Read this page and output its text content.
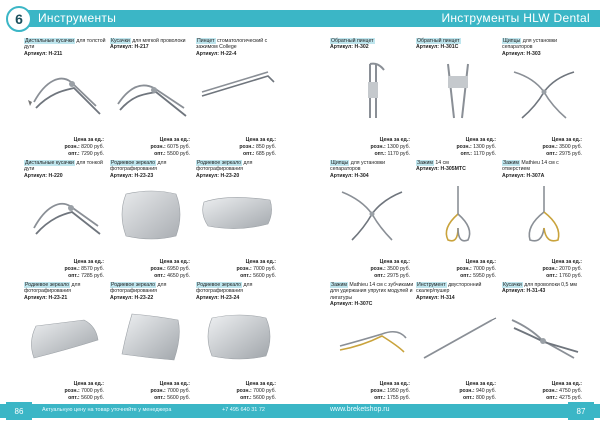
6	Инструменты	Инструменты HLW Dental
Дистальные кусачки для толстой дуги
Артикул: Н-211
Цена за ед.:
розн.: 8200 руб.
опт.: 7290 руб.
Кусачки для мягкой проволоки
Артикул: Н-217
Цена за ед.:
розн.: 6075 руб.
опт.: 5500 руб.
Пинцет стоматологический с зажимом College
Артикул: Н-22-4
Цена за ед.:
розн.: 850 руб.
опт.: 685 руб.
Дистальные кусачки для тонкой дуги
Артикул: Н-220
Цена за ед.:
розн.: 8570 руб.
опт.: 7285 руб.
Родиевое зеркало для фотографирования
Артикул: Н-23-23
Цена за ед.:
розн.: 6950 руб.
опт.: 4650 руб.
Родиевое зеркало для фотографирования
Артикул: Н-23-20
Цена за ед.:
розн.: 7000 руб.
опт.: 5600 руб.
Родиевое зеркало для фотографирования
Артикул: Н-23-21
Цена за ед.:
розн.: 7000 руб.
опт.: 5600 руб.
Родиевое зеркало для фотографирования
Артикул: Н-23-22
Цена за ед.:
розн.: 7000 руб.
опт.: 5600 руб.
Родиевое зеркало для фотографирования
Артикул: Н-23-24
Цена за ед.:
розн.: 7000 руб.
опт.: 5600 руб.
Обратный пинцет
Артикул: Н-302
Цена за ед.:
розн.: 1300 руб.
опт.: 1170 руб.
Обратный пинцет
Артикул: Н-301С
Цена за ед.:
розн.: 1300 руб.
опт.: 1170 руб.
Щипцы для установки сепараторов
Артикул: Н-303
Цена за ед.:
розн.: 3500 руб.
опт.: 2975 руб.
Щипцы для установки сепараторов
Артикул: Н-304
Цена за ед.:
розн.: 3500 руб.
опт.: 2975 руб.
Зажим 14 см
Артикул: Н-305МТС
Цена за ед.:
розн.: 7000 руб.
опт.: 5950 руб.
Зажим Mathieu 14 см с отверстием
Артикул: Н-307А
Цена за ед.:
розн.: 2070 руб.
опт.: 1760 руб.
Зажим Mathieu 14 см с зубчиками для удержания упругих модулей и лигатуры
Артикул: Н-307С
Цена за ед.:
розн.: 1950 руб.
опт.: 1755 руб.
Инструмент двусторонний скалер/пушер
Артикул: Н-314
Цена за ед.:
розн.: 940 руб.
опт.: 800 руб.
Кусачки для проволоки 0,5 мм
Артикул: Н-31-43
Цена за ед.:
розн.: 4750 руб.
опт.: 4275 руб.
86	87
Актуальную цену на товар уточняйте у менеджера	+7 495 640 31 72	www.breketshop.ru
